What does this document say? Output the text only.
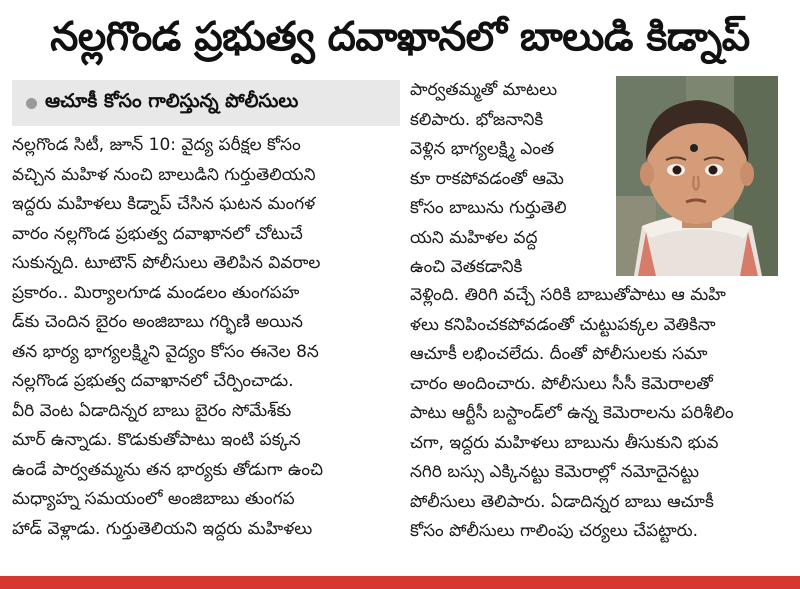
నల్లగొండ ప్రభుత్వ దవాఖానలో బాలుడి కిడ్నాప్
ఆచూకీ కోసం గాలిస్తున్న పోలీసులు
నల్లగొండ సిటీ, జూన్ 10: వైద్య పరీక్షల కోసం
వచ్చిన మహిళ నుంచి బాలుడిని గుర్తుతెలియని
ఇద్దరు మహిళలు కిడ్నాప్ చేసిన ఘటన మంగళ
వారం నల్లగొండ ప్రభుత్వ దవాఖానలో చోటుచే
సుకున్నది. టూటౌన్ పోలీసులు తెలిపిన వివరాల
ప్రకారం.. మిర్యాలగూడ మండలం తుంగపహ
డ్‌కు చెందిన బైరం అంజిబాబు గర్భిణి అయిన
తన భార్య భాగ్యలక్ష్మిని వైద్యం కోసం ఈనెల 8న
నల్లగొండ ప్రభుత్వ దవాఖానలో చేర్పించాడు.
వీరి వెంట ఏడాదిన్నర బాబు బైరం సోమేశ్‌కు
మార్ ఉన్నాడు. కొడుకుతోపాటు ఇంటి పక్కన
ఉండే పార్వతమ్మను తన భార్యకు తోడుగా ఉంచి
మధ్యాహ్న సమయంలో అంజిబాబు తుంగప
హాడ్ వెళ్లాడు. గుర్తుతెలియని ఇద్దరు మహిళలు
పార్వతమ్మతో మాటలు
కలిపారు. భోజనానికి
వెళ్లిన భాగ్యలక్ష్మి ఎంత
కూ రాకపోవడంతో ఆమె
కోసం బాబును గుర్తుతెలి
యని మహిళల వద్ద
ఉంచి వెతకడానికి
వెళ్లింది. తిరిగి వచ్చే సరికి బాబుతోపాటు ఆ మహి
ళలు కనిపించకపోవడంతో చుట్టుపక్కల వెతికినా
ఆచూకీ లభించలేదు. దీంతో పోలీసులకు సమా
చారం అందించారు. పోలీసులు సీసీ కెమెరాలతో
పాటు ఆర్టీసీ బస్టాండ్‌లో ఉన్న కెమెరాలను పరిశీలిం
చగా, ఇద్దరు మహిళలు బాబును తీసుకుని భువ
నగిరి బస్సు ఎక్కినట్టు కెమెరాల్లో నమోదైనట్టు
పోలీసులు తెలిపారు. ఏడాదిన్నర బాబు ఆచూకీ
కోసం పోలీసులు గాలింపు చర్యలు చేపట్టారు.
